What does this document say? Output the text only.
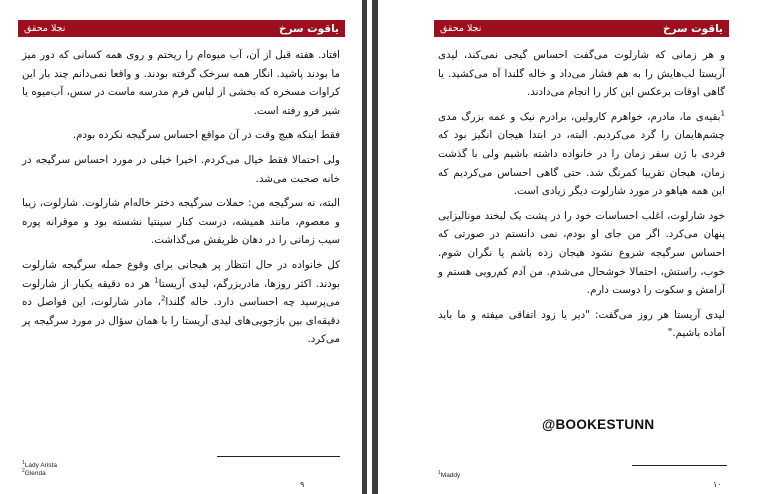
یاقوت سرخ
نجلا محقق

افتاد. هفته قبل از آن، آب میوه‌ام را ریختم و روی همه کسانی که دور میز ما بودند پاشید. انگار همه سرخک گرفته بودند. و واقعا نمی‌دانم چند بار این کراوات مسخره که بخشی از لباس فرم مدرسه ماست در سس، آب‌میوه یا شیر فرو رفته است.

فقط اینکه هیچ وقت در آن مواقع احساس سرگیجه نکرده بودم.

ولی احتمالا فقط خیال می‌کردم. اخیرا خیلی در مورد احساس سرگیجه در خانه صحبت می‌شد.

البته، نه سرگیجه من: حملات سرگیجه دختر خاله‌ام شارلوت. شارلوت، زیبا و معصوم، مانند همیشه، درست کنار سینتیا نشسته بود و موقرانه پوره سیب زمانی را در دهان ظریفش می‌گذاشت.

کل خانواده در حال انتظار پر هیجانی برای وقوع حمله سرگیجه شارلوت بودند. اکثر روزها، مادربزرگم، لیدی آریستا$^1$ هر ده دقیقه یکبار از شارلوت می‌پرسید چه احساسی دارد. خاله گلندا$^2$، مادر شارلوت، این فواصل ده دقیقه‌ای بین بازجویی‌های لیدی آریستا را با همان سؤال در مورد سرگیجه پر می‌کرد.

$^1$Lady Arista
$^2$Glenda
۹
یاقوت سرخ
نجلا محقق

و هر زمانی که شارلوت می‌گفت احساس گیجی نمی‌کند، لیدی آریستا لب‌هایش را به هم فشار می‌داد و خاله گلندا آه می‌کشید. یا گاهی اوقات برعکس این کار را انجام می‌دادند.

$^1$بقیه‌ی ما، مادرم، خواهرم کارولین، برادرم نیک و عمه بزرگ مدی چشم‌هایمان را گرد می‌کردیم. البته، در ابتدا هیجان انگیز بود که فردی با ژن سفر زمان را در خانواده داشته باشیم ولی با گذشت زمان، هیجان تقریبا کمرنگ شد. حتی گاهی احساس می‌کردیم که این همه هیاهو در مورد شارلوت دیگر زیادی است.

خود شارلوت، اغلب احساسات خود را در پشت یک لبخند مونالیزایی پنهان می‌کرد. اگر من جای او بودم، نمی دانستم در صورتی که احساس سرگیجه شروع نشود هیجان زده باشم یا نگران شوم. خوب، راستش، احتمالا خوشحال می‌شدم. من آدم کم‌رویی هستم و آرامش و سکوت را دوست دارم.

لیدی آریستا هر روز می‌گفت: "دیر یا زود اتفاقی میفته و ما باید آماده باشیم."

$^1$Maddy
۱۰
@BOOKESTUNN
